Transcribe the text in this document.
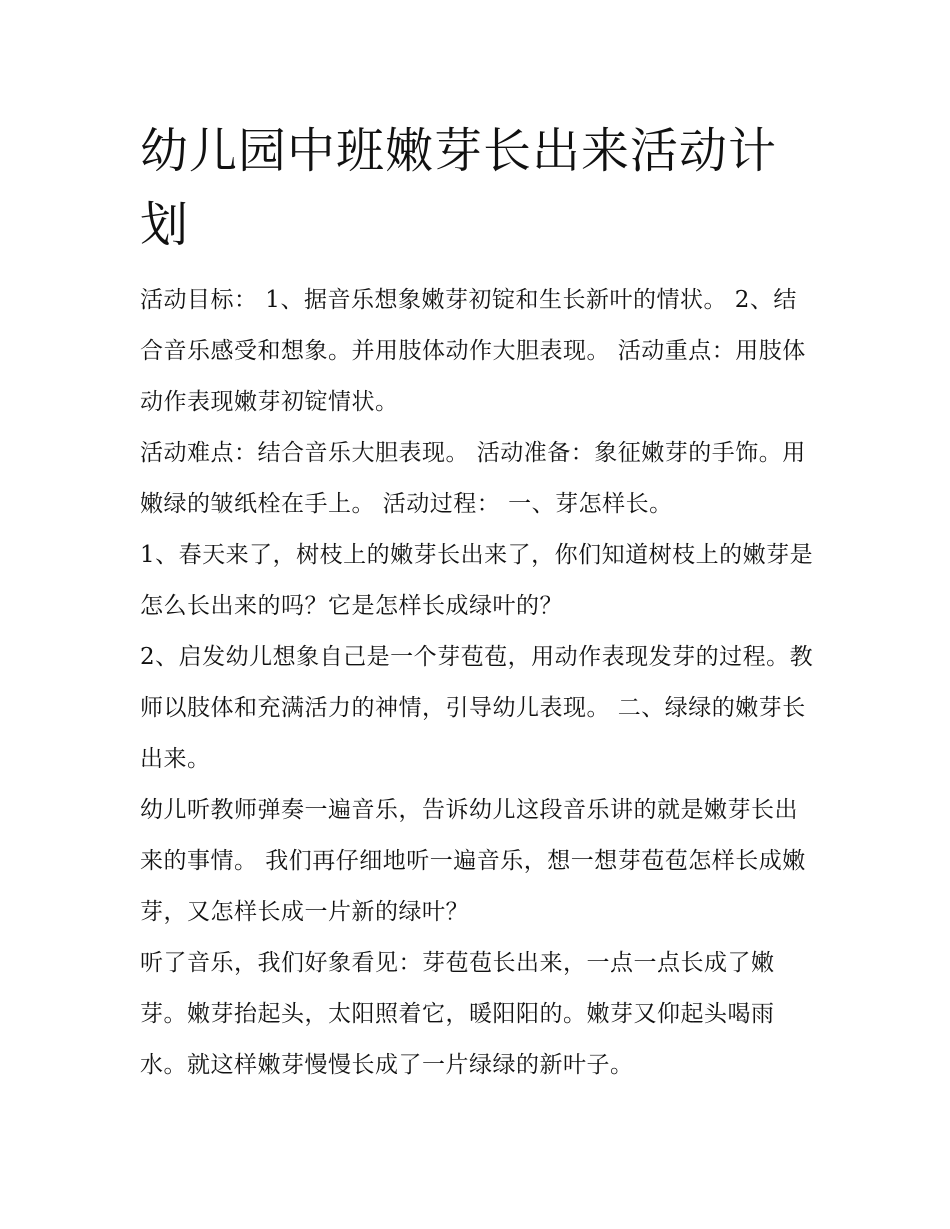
幼儿园中班嫩芽长出来活动计划

活动目标： 1、据音乐想象嫩芽初锭和生长新叶的情状。 2、结合音乐感受和想象。并用肢体动作大胆表现。 活动重点：用肢体动作表现嫩芽初锭情状。

活动难点：结合音乐大胆表现。 活动准备：象征嫩芽的手饰。用嫩绿的皱纸栓在手上。 活动过程： 一、芽怎样长。

1、春天来了，树枝上的嫩芽长出来了，你们知道树枝上的嫩芽是怎么长出来的吗？它是怎样长成绿叶的？

2、启发幼儿想象自己是一个芽苞苞，用动作表现发芽的过程。教师以肢体和充满活力的神情，引导幼儿表现。 二、绿绿的嫩芽长出来。

幼儿听教师弹奏一遍音乐，告诉幼儿这段音乐讲的就是嫩芽长出来的事情。 我们再仔细地听一遍音乐，想一想芽苞苞怎样长成嫩芽，又怎样长成一片新的绿叶？

听了音乐，我们好象看见：芽苞苞长出来，一点一点长成了嫩芽。嫩芽抬起头，太阳照着它，暖阳阳的。嫩芽又仰起头喝雨水。就这样嫩芽慢慢长成了一片绿绿的新叶子。
